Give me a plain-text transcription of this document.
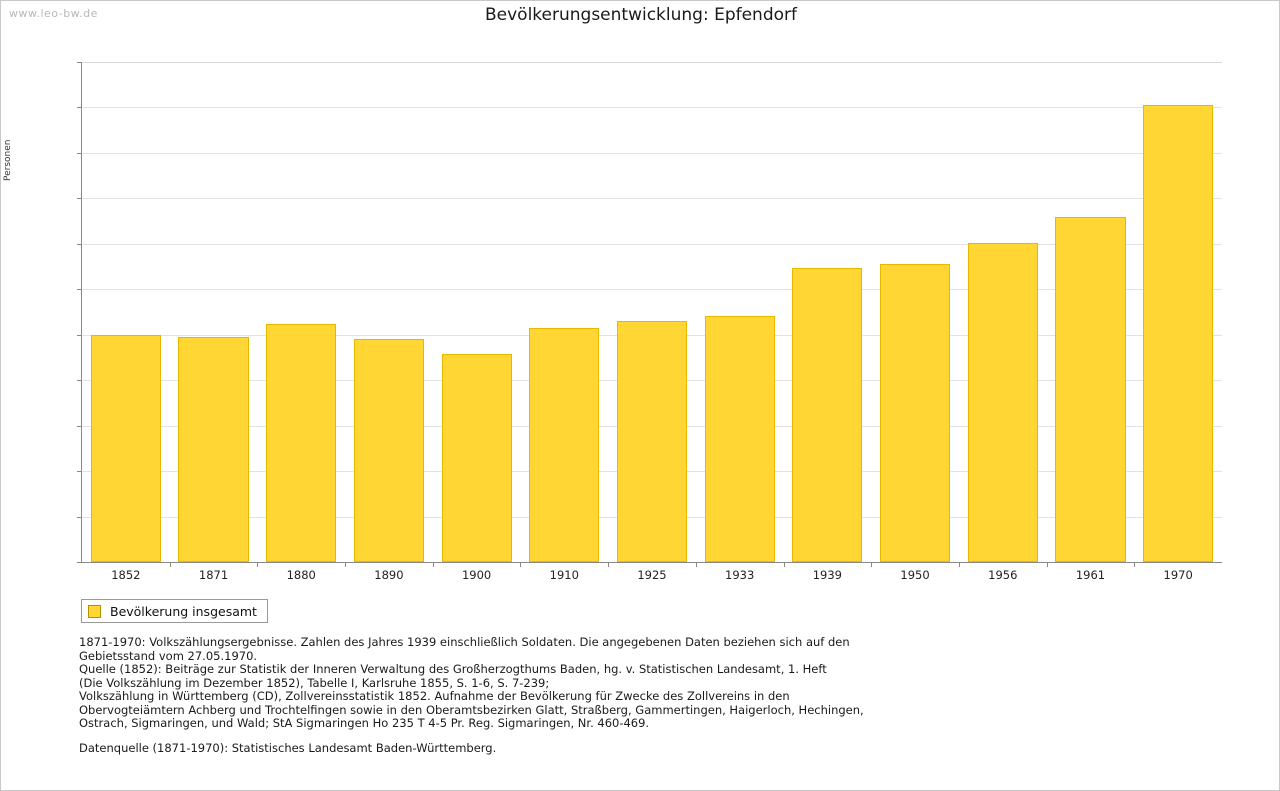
www.leo-bw.de	Bevölkerungsentwicklung: Epfendorf
Personen
1852	1871	1880	1890	1900	1910	1925	1933	1939	1950	1956	1961	1970
Bevölkerung insgesamt
1871-1970: Volkszählungsergebnisse. Zahlen des Jahres 1939 einschließlich Soldaten. Die angegebenen Daten beziehen sich auf den
Gebietsstand vom 27.05.1970.
Quelle (1852): Beiträge zur Statistik der Inneren Verwaltung des Großherzogthums Baden, hg. v. Statistischen Landesamt, 1. Heft
(Die Volkszählung im Dezember 1852), Tabelle I, Karlsruhe 1855, S. 1-6, S. 7-239;
Volkszählung in Württemberg (CD), Zollvereinsstatistik 1852. Aufnahme der Bevölkerung für Zwecke des Zollvereins in den
Obervogteiämtern Achberg und Trochtelfingen sowie in den Oberamtsbezirken Glatt, Straßberg, Gammertingen, Haigerloch, Hechingen,
Ostrach, Sigmaringen, und Wald; StA Sigmaringen Ho 235 T 4-5 Pr. Reg. Sigmaringen, Nr. 460-469.
Datenquelle (1871-1970): Statistisches Landesamt Baden-Württemberg.
